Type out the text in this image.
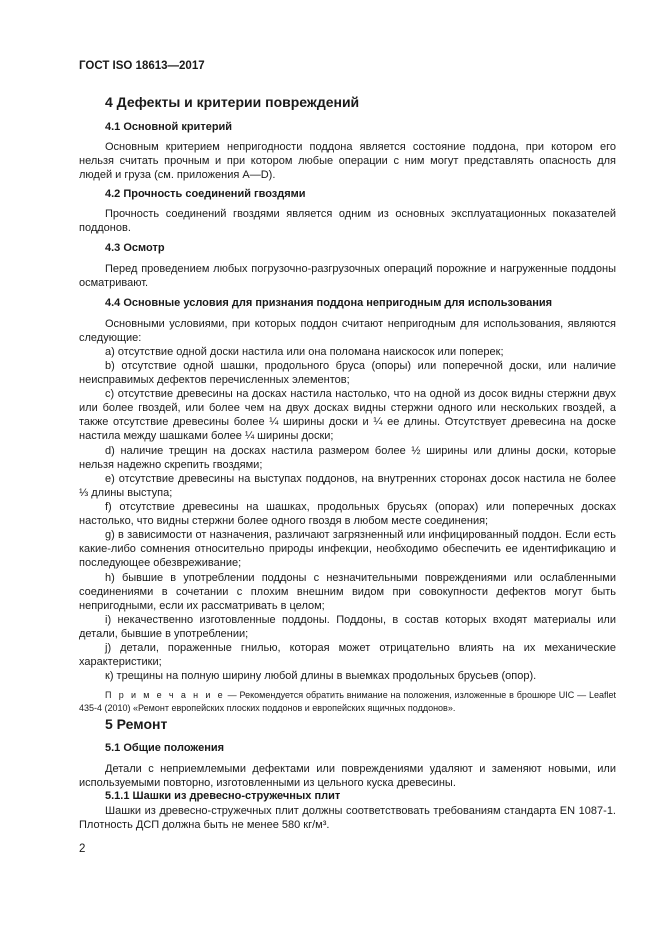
ГОСТ ISO 18613—2017
4 Дефекты и критерии повреждений
4.1 Основной критерий

Основным критерием непригодности поддона является состояние поддона, при котором его нельзя считать прочным и при котором любые операции с ним могут представлять опасность для людей и груза (см. приложения А—D).

4.2 Прочность соединений гвоздями

Прочность соединений гвоздями является одним из основных эксплуатационных показателей поддонов.

4.3 Осмотр

Перед проведением любых погрузочно-разгрузочных операций порожние и нагруженные поддоны осматривают.

4.4 Основные условия для признания поддона непригодным для использования

Основными условиями, при которых поддон считают непригодным для использования, являются следующие:

а) отсутствие одной доски настила или она поломана наискосок или поперек;

b) отсутствие одной шашки, продольного бруса (опоры) или поперечной доски, или наличие неисправимых дефектов перечисленных элементов;

c) отсутствие древесины на досках настила настолько, что на одной из досок видны стержни двух или более гвоздей, или более чем на двух досках видны стержни одного или нескольких гвоздей, а также отсутствие древесины более ¼ ширины доски и ¼ ее длины. Отсутствует древесина на доске настила между шашками более ¼ ширины доски;

d) наличие трещин на досках настила размером более ½ ширины или длины доски, которые нельзя надежно скрепить гвоздями;

e) отсутствие древесины на выступах поддонов, на внутренних сторонах досок настила не более ⅓ длины выступа;

f) отсутствие древесины на шашках, продольных брусьях (опорах) или поперечных досках настолько, что видны стержни более одного гвоздя в любом месте соединения;

g) в зависимости от назначения, различают загрязненный или инфицированный поддон. Если есть какие-либо сомнения относительно природы инфекции, необходимо обеспечить ее идентификацию и последующее обезвреживание;

h) бывшие в употреблении поддоны с незначительными повреждениями или ослабленными соединениями в сочетании с плохим внешним видом при совокупности дефектов могут быть непригодными, если их рассматривать в целом;

i) некачественно изготовленные поддоны. Поддоны, в состав которых входят материалы или детали, бывшие в употреблении;

j) детали, пораженные гнилью, которая может отрицательно влиять на их механические характеристики;

к) трещины на полную ширину любой длины в выемках продольных брусьев (опор).

П р и м е ч а н и е — Рекомендуется обратить внимание на положения, изложенные в брошюре UIC — Leaflet 435-4 (2010) «Ремонт европейских плоских поддонов и европейских ящичных поддонов».

5 Ремонт
5.1 Общие положения

Детали с неприемлемыми дефектами или повреждениями удаляют и заменяют новыми, или используемыми повторно, изготовленными из цельного куска древесины.

5.1.1 Шашки из древесно-стружечных плит

Шашки из древесно-стружечных плит должны соответствовать требованиям стандарта EN 1087-1. Плотность ДСП должна быть не менее 580 кг/м³.

2
